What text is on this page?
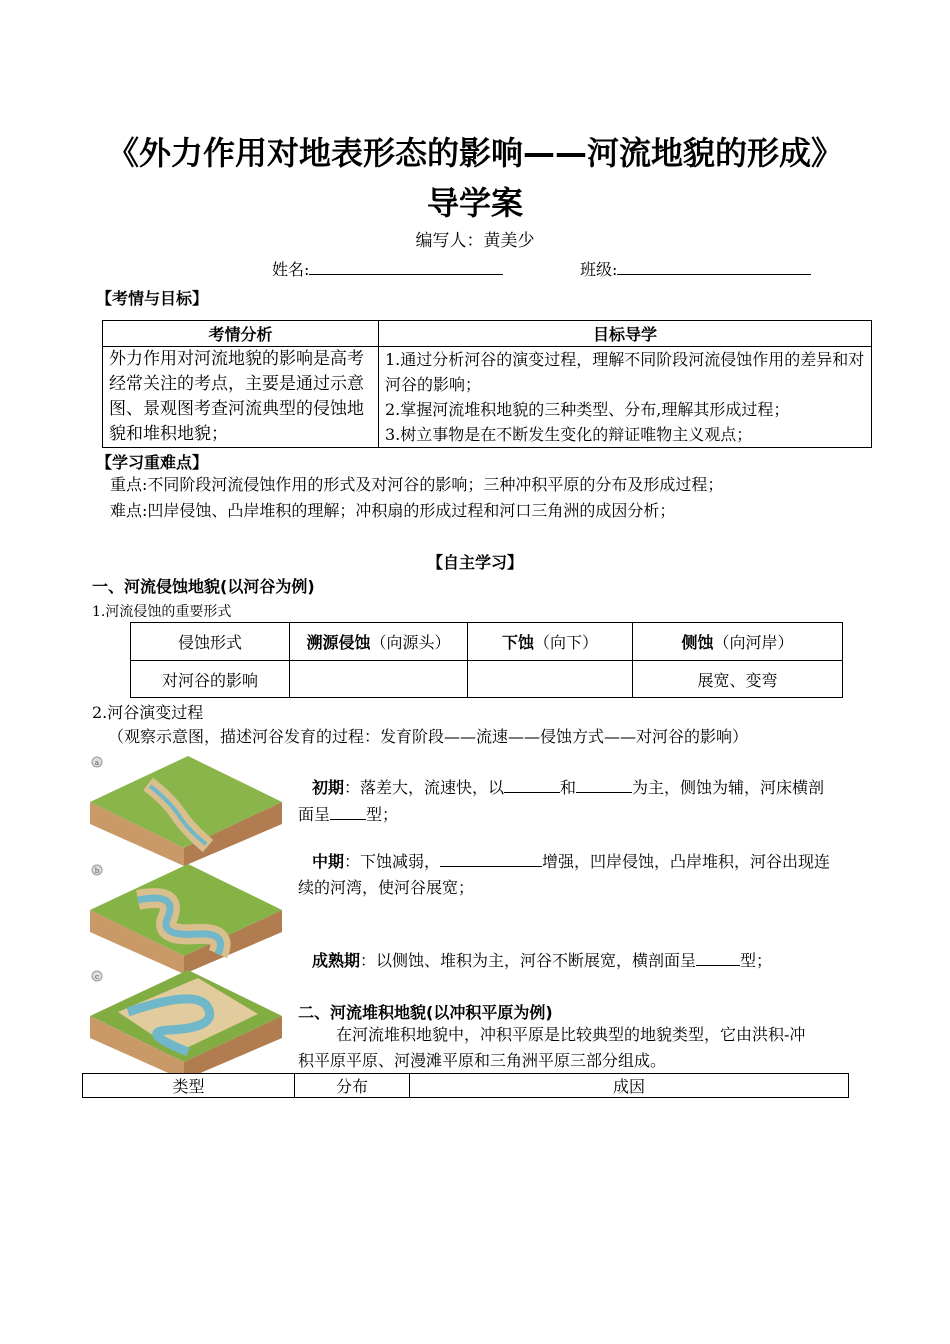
《外力作用对地表形态的影响——河流地貌的形成》
导学案
编写人：黄美少
姓名:	班级:
【考情与目标】
考情分析	目标导学
外力作用对河流地貌的影响是高考经常关注的考点，主要是通过示意图、景观图考查河流典型的侵蚀地貌和堆积地貌；	1.通过分析河谷的演变过程，理解不同阶段河流侵蚀作用的差异和对河谷的影响；
2.掌握河流堆积地貌的三种类型、分布,理解其形成过程；
3.树立事物是在不断发生变化的辩证唯物主义观点；
【学习重难点】
重点:不同阶段河流侵蚀作用的形式及对河谷的影响；三种冲积平原的分布及形成过程；
难点:凹岸侵蚀、凸岸堆积的理解；冲积扇的形成过程和河口三角洲的成因分析；
【自主学习】
一、河流侵蚀地貌(以河谷为例)
1.河流侵蚀的重要形式
侵蚀形式	溯源侵蚀（向源头）	下蚀（向下）	侧蚀（向河岸）
对河谷的影响			展宽、变弯
2.河谷演变过程
（观察示意图，描述河谷发育的过程：发育阶段——流速——侵蚀方式——对河谷的影响）
a
b
c
初期：落差大，流速快，以	和	为主，侧蚀为辅，河床横剖
面呈 型；
中期：下蚀减弱，	增强，凹岸侵蚀，凸岸堆积，河谷出现连
续的河湾，使河谷展宽；
成熟期：以侧蚀、堆积为主，河谷不断展宽，横剖面呈	型；
二、河流堆积地貌(以冲积平原为例)
在河流堆积地貌中，冲积平原是比较典型的地貌类型，它由洪积-冲
积平原平原、河漫滩平原和三角洲平原三部分组成。
类型	分布	成因
